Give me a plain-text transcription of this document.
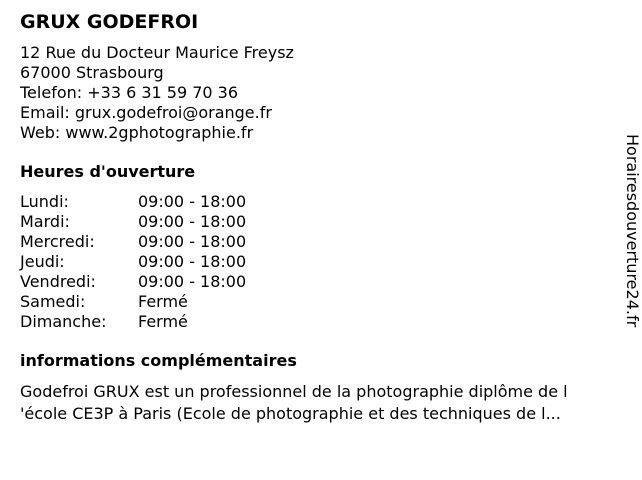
GRUX GODEFROI
12 Rue du Docteur Maurice Freysz
67000 Strasbourg
Telefon: +33 6 31 59 70 36
Email: grux.godefroi@orange.fr
Web: www.2gphotographie.fr
Heures d'ouverture
Lundi:	09:00 - 18:00
Mardi:	09:00 - 18:00
Mercredi:	09:00 - 18:00
Jeudi:	09:00 - 18:00
Vendredi:	09:00 - 18:00
Samedi:	Fermé
Dimanche: Fermé
informations complémentaires
Godefroi GRUX est un professionnel de la photographie diplôme de l
'école CE3P à Paris (Ecole de photographie et des techniques de l...
Horairesdouverture24.fr
